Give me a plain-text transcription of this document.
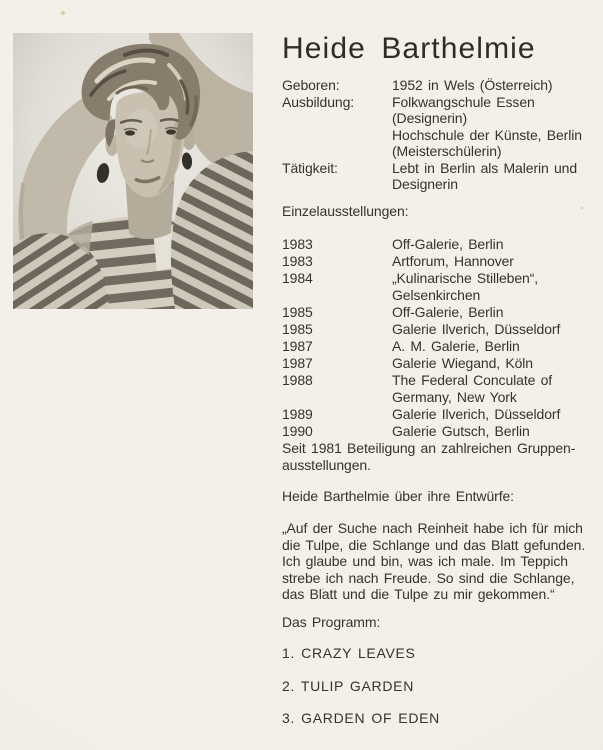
Heide Barthelmie
Geboren:	1952 in Wels (Österreich)
Ausbildung:	Folkwangschule Essen
(Designerin)
Hochschule der Künste, Berlin
(Meisterschülerin)
Tätigkeit:	Lebt in Berlin als Malerin und
Designerin
Einzelausstellungen:
1983	Off-Galerie, Berlin
1983	Artforum, Hannover
1984	„Kulinarische Stilleben“,
Gelsenkirchen
1985	Off-Galerie, Berlin
1985	Galerie Ilverich, Düsseldorf
1987	A. M. Galerie, Berlin
1987	Galerie Wiegand, Köln
1988	The Federal Conculate of
Germany, New York
1989	Galerie Ilverich, Düsseldorf
1990	Galerie Gutsch, Berlin
Seit 1981 Beteiligung an zahlreichen Gruppen-
ausstellungen.
Heide Barthelmie über ihre Entwürfe:
„Auf der Suche nach Reinheit habe ich für mich
die Tulpe, die Schlange und das Blatt gefunden.
Ich glaube und bin, was ich male. Im Teppich
strebe ich nach Freude. So sind die Schlange,
das Blatt und die Tulpe zu mir gekommen.“
Das Programm:
1. CRAZY LEAVES
2. TULIP GARDEN
3. GARDEN OF EDEN
